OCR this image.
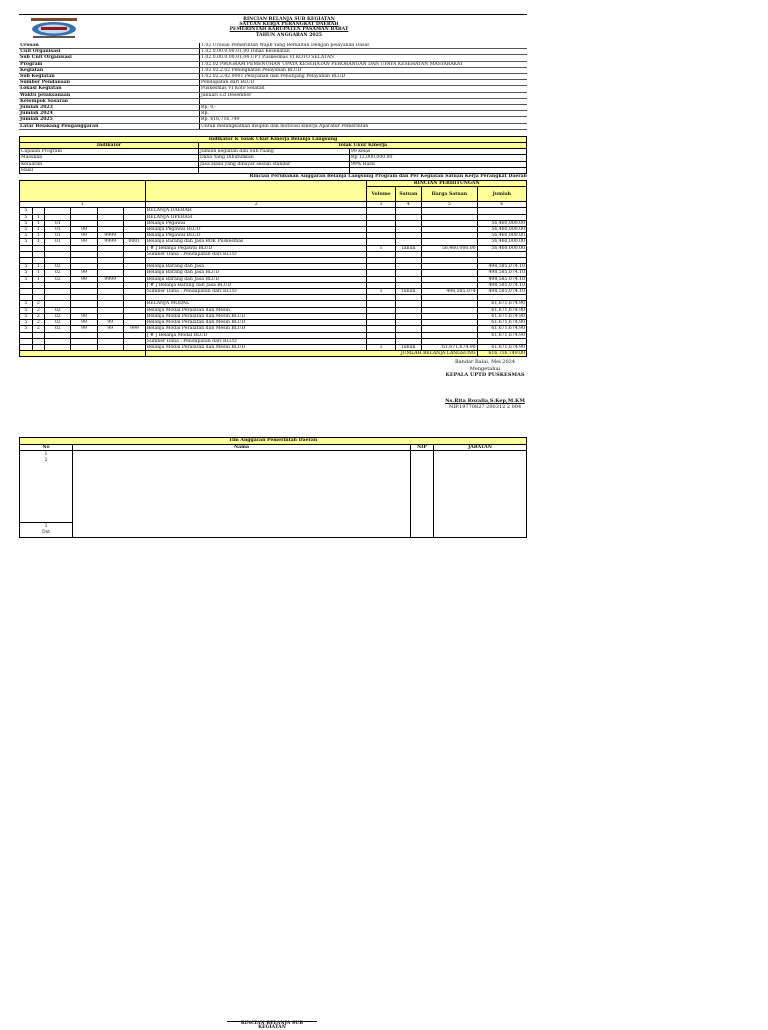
RINCIAN BELANJA SUB KEGIATAN
SATUAN KERJA PERANGKAT DAERAH
PEMERINTAH KABUPATEN PASAMAN BARAT
TAHUN ANGGARAN 2025
Urusan	1.02 Urusan Pemerintah Wajib Yang Berkaitan Dengan pelayanan Dasar
Unit Organisasi	1.02.0.00.0.00.01.00 Dinas Kesehatan
Sub Unit Organisasi	1.02.0.00.0.00.01.04 UPT Puskesmas VI KOTO SELATAN
Program	1.02.02 PROGRAM PEMENUHAN UPAYA KESEHATAN PERORANGAN DAN UPAYA KESEHATAN MASYARAKAT
Kegiatan	1.02.02.2.02 Peningkatan Pelayanan BLUD
Sub Kegiatan	1.02.02.2.02.0001 Pelayanan dan Penunjang Pelayanan BLUD
Sumber Pendanaan	Pendapatan dari BLUD
Lokasi Kegiatan	Puskesmas VI Koto Selatan
Waktu pelaksanaan	Januari s.d Desember
Kelompok Sasaran	
Jumlah 2023	Rp. 0,-
Jumlah 2024	Rp.
Jumlah 2025	Rp. 616,716,749
Latar Belakang Penganggaran	Untuk meningkatkan disiplin dan motivasi kinerja Aparatur Pemerintah
Indikator & Tolak Ukur Kinerja Belanja Langsung		
Indikator	Tolak Ukur Kinerja	
Capaian Program	Jumlah kegiatan dan Sub ruang	99 kelas
Masukan	Dana Yang Dibutuhkan	Rp 12,000,000.00
Keluaran	Jasa Hasil yang dibayar sesuai standar	99% Hasil
Hasil		
Rincian Perubahan Anggaran Belanja Langsung Program dan Per Kegiatan Satuan Kerja Perangkat Daerah
							RINCIAN PERHITUNGAN			
							Volume	Satuan	Harga Satuan	Jumlah
1						2	3	4	5	6
5						BELANJA DAERAH				
5	1					BELANJA OPERASI				
5	1	01				Belanja Pegawai				56,460,000.00
5	1	01	99			Belanja Pegawai BLUD				56,460,000.00
5	1	01	99	9999		Belanja Pegawai BLUD				56,460,000.00
5	1	01	99	9999	0001	Belanja Barang dan Jasa BOK Puskesmas				56,460,000.00
						[ # ] Belanja Pegawai BLUD	1	Tahun	56,460,000.00	56,460,000.00
						Sumber Dana : Pendapatan dari BLUD				

5	1	02				Belanja Barang dan Jasa				498,585,074.10
5	1	02	99			Belanja Barang dan Jasa BLUD				498,585,074.10
5	1	02	99	9999		Belanja Barang dan Jasa BLUD				498,585,074.10
						[ # ] Belanja Barang dan Jasa BLUD				498,585,074.10
						Sumber Dana : Pendapatan dari BLUD	1	Tahun	498,585,074	498,585,074.10

5	2					BELANJA MODAL				61,671,674.90
5	2	02				Belanja Modal Peralatan dan Mesin				61,671,674.90
5	2	02	99			Belanja Modal Peralatan dan Mesin BLUD				61,671,674.90
5	2	02	99	99		Belanja Modal Peralatan dan Mesin BLUD				61,671,674.90
5	2	02	99	99	999	Belanja Modal Peralatan dan Mesin BLUD				61,671,674.90
						[ # ] Belanja Modal BLUD				61,671,674.90
						Sumber Dana : Pendapatan dari BLUD				
						Belanja Modal Peralatan dan Mesin BLUD	1	Tahun	61,671,674.90	61,671,674.90
						JUMLAH BELANJA LANGSUNG				616,716,749.00
Bandar Balai, Mei 2024
Mengetahui
KEPALA UPTD PUSKESMAS
Ns.Rita Rozalia,S.Kep,M.KM
NIP.19770827 200312 2 004
Tim Anggaran Pemerintah Daerah			
No	Nama	NIP	JABATAN

1
2			

3
Dst			
RINCIAN BELANJA SUB KEGIATAN
